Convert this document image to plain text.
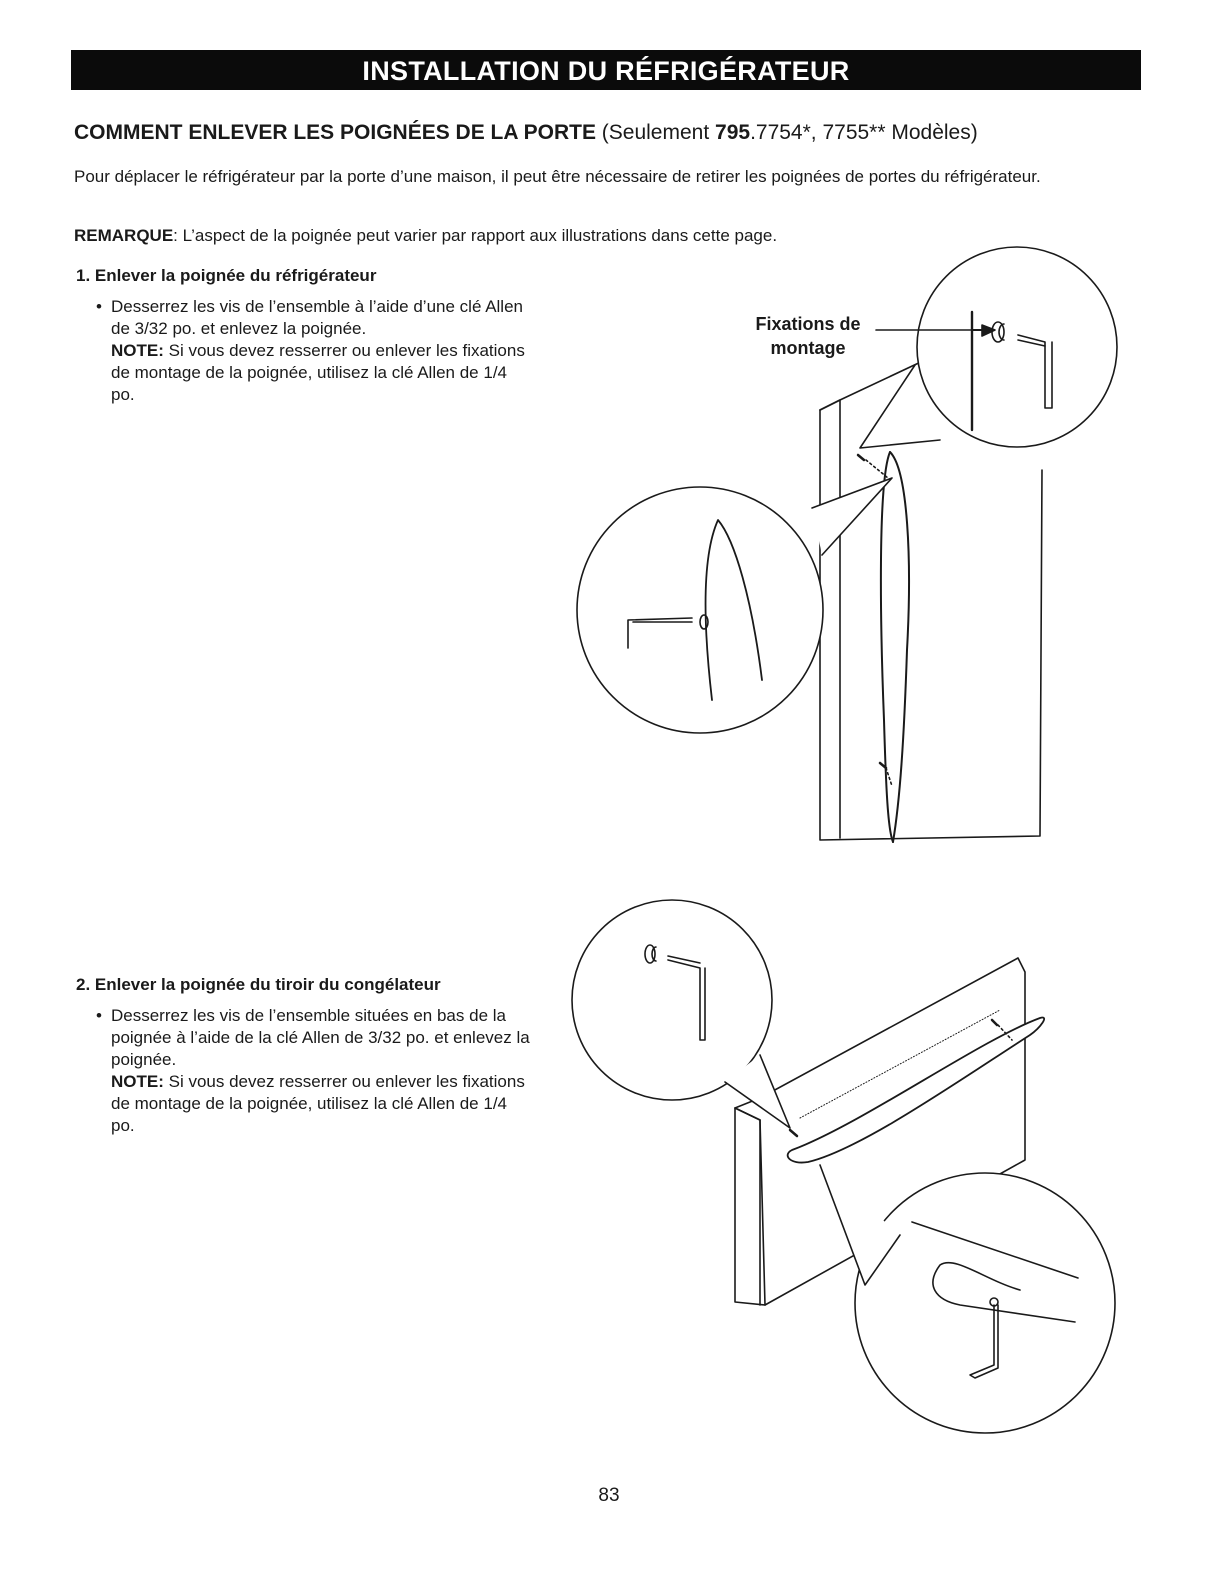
INSTALLATION DU RÉFRIGÉRATEUR
COMMENT ENLEVER LES POIGNÉES DE LA PORTE (Seulement 795.7754*, 7755** Modèles)
Pour déplacer le réfrigérateur par la porte d’une maison, il peut être nécessaire de retirer les poignées de portes du réfrigérateur.
REMARQUE: L’aspect de la poignée peut varier par rapport aux illustrations dans cette page.
1. Enlever la poignée du réfrigérateur
• Desserrez les vis de l’ensemble à l’aide d’une clé Allen de 3/32 po. et enlevez la poignée.
NOTE: Si vous devez resserrer ou enlever les fixations de montage de la poignée, utilisez la clé Allen de 1/4 po.
2. Enlever la poignée du tiroir du congélateur
• Desserrez les vis de l’ensemble situées en bas de la poignée à l’aide de la clé Allen de 3/32 po. et enlevez la poignée.
NOTE: Si vous devez resserrer ou enlever les fixations de montage de la poignée, utilisez la clé Allen de 1/4 po.
Fixations de montage
83
